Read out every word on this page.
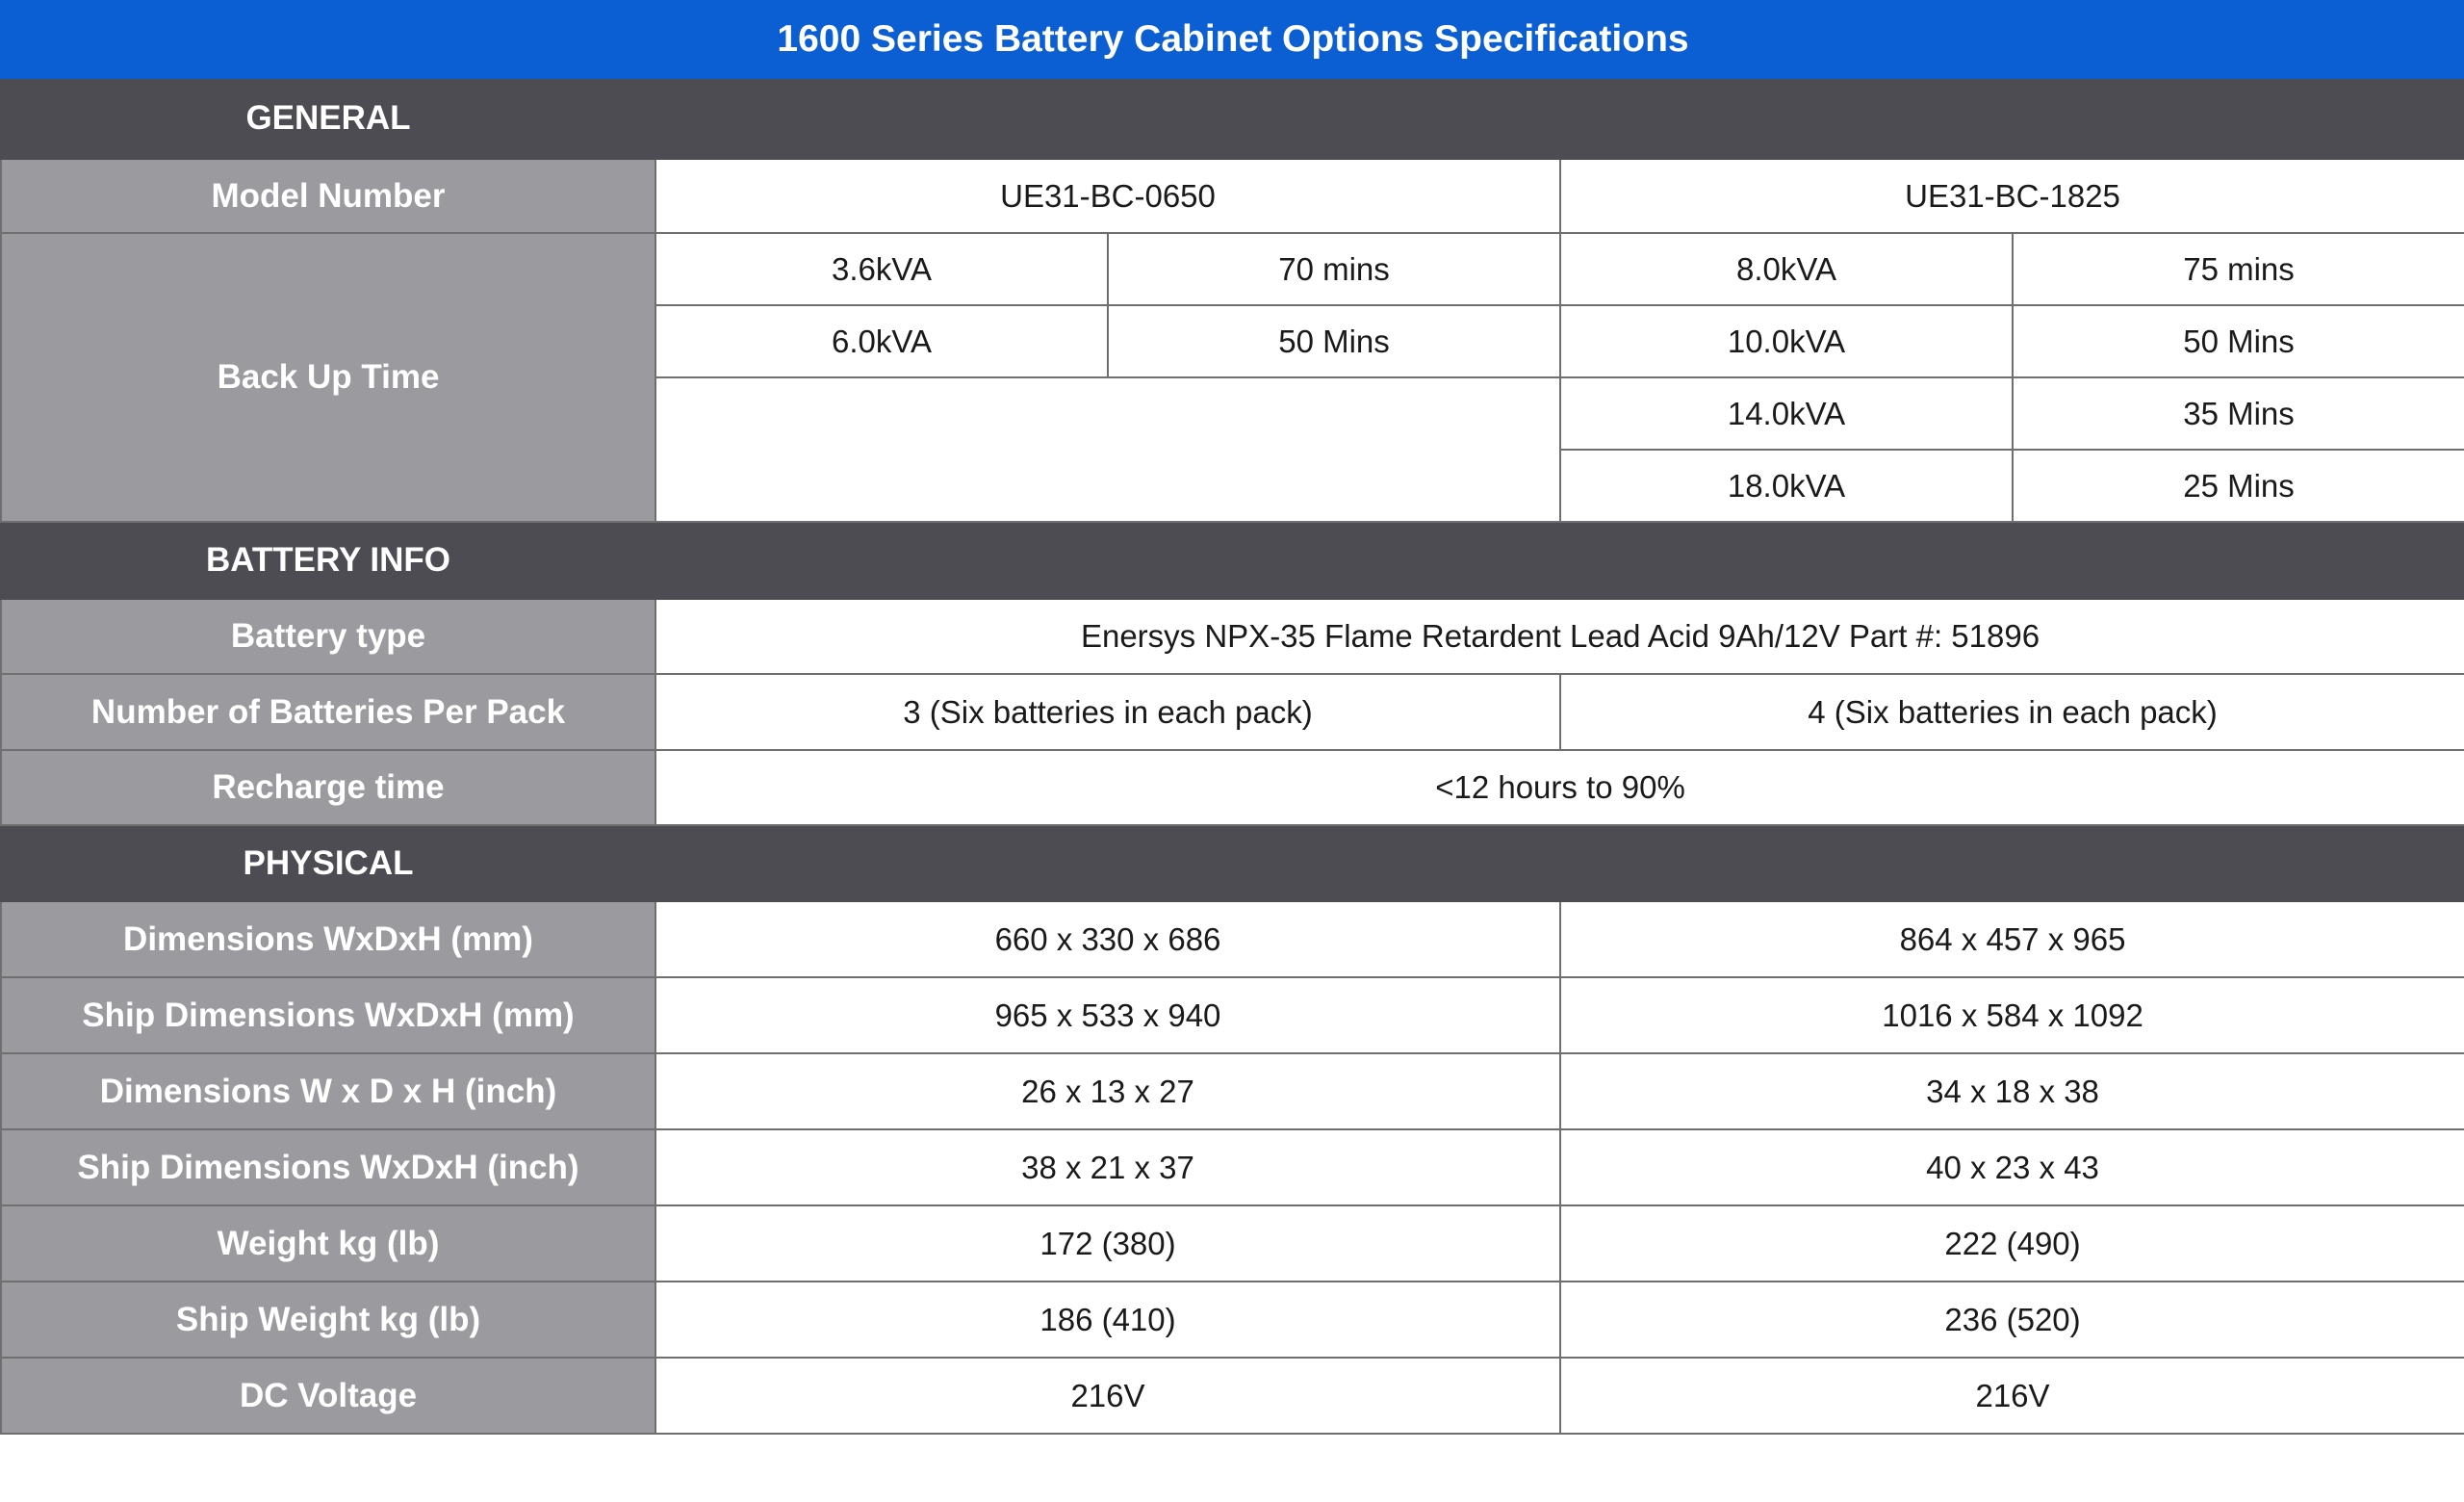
1600 Series Battery Cabinet Options Specifications				
GENERAL				
Model Number	UE31-BC-0650		UE31-BC-1825	
Back Up Time	3.6kVA	70 mins	8.0kVA	75 mins
	6.0kVA	50 Mins	10.0kVA	50 Mins
			14.0kVA	35 Mins
			18.0kVA	25 Mins
BATTERY INFO				
Battery type	Enersys NPX-35 Flame Retardent Lead Acid 9Ah/12V Part #: 51896			
Number of Batteries Per Pack	3 (Six batteries in each pack)		4 (Six batteries in each pack)	
Recharge time	<12 hours to 90%			
PHYSICAL				
Dimensions WxDxH (mm)	660 x 330 x 686		864 x 457 x 965	
Ship Dimensions WxDxH (mm)	965 x 533 x 940		1016 x 584 x 1092	
Dimensions W x D x H (inch)	26 x 13 x 27		34 x 18 x 38	
Ship Dimensions WxDxH (inch)	38 x 21 x 37		40 x 23 x 43	
Weight kg (lb)	172 (380)		222 (490)	
Ship Weight kg (lb)	186 (410)		236 (520)	
DC Voltage	216V		216V	
